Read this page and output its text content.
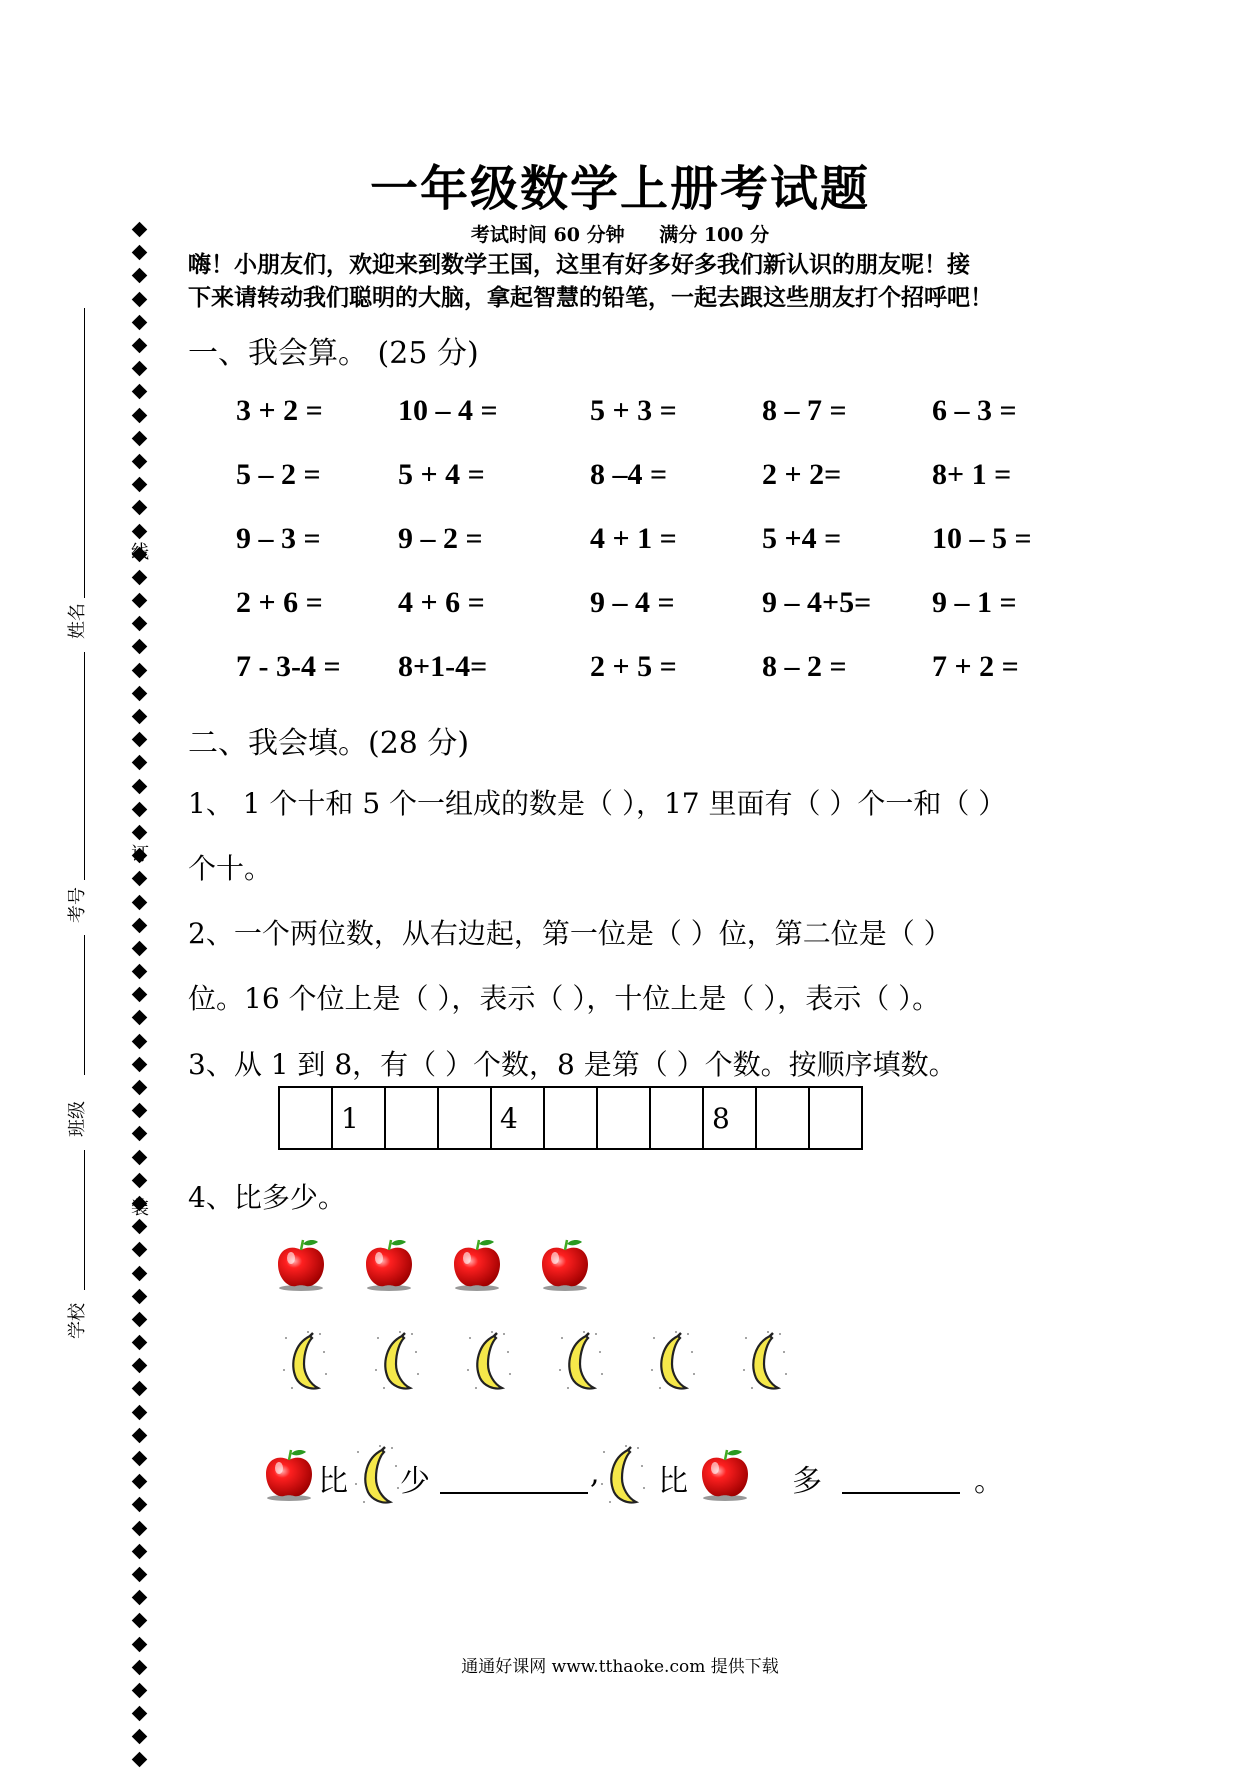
一年级数学上册考试题
考试时间 60 分钟 满分 100 分
嗨！小朋友们，欢迎来到数学王国，这里有好多好多我们新认识的朋友呢！接
下来请转动我们聪明的大脑，拿起智慧的铅笔，一起去跟这些朋友打个招呼吧！
线
订
装
姓名
考号
班级
学校
一、我会算。 (25 分)
3 + 2 =	10 – 4 =	5 + 3 =	8 – 7 =	6 – 3 =
5 – 2 =	5 + 4 =	8 –4 =	2 + 2=	8+ 1 =
9 – 3 =	9 – 2 =	4 + 1 =	5 +4 =	10 – 5 =
2 + 6 =	4 + 6 =	9 – 4 =	9 – 4+5= 9 – 1 =
7 - 3-4 = 8+1-4=	2 + 5 =	8 – 2 =	7 + 2 =
二、我会填。(28 分)
1、 1 个十和 5 个一组成的数是（ ），17 里面有（ ）个一和（ ）
个十。
2、一个两位数，从右边起，第一位是（ ）位，第二位是（ ）
位。16 个位上是（ ），表示（ ），十位上是（ ），表示（ ）。
3、从 1 到 8，有（ ）个数，8 是第（ ）个数。按顺序填数。
	1			4				8		
4、比多少。
比 少	, 比	多	。
通通好课网 www.tthaoke.com 提供下载
